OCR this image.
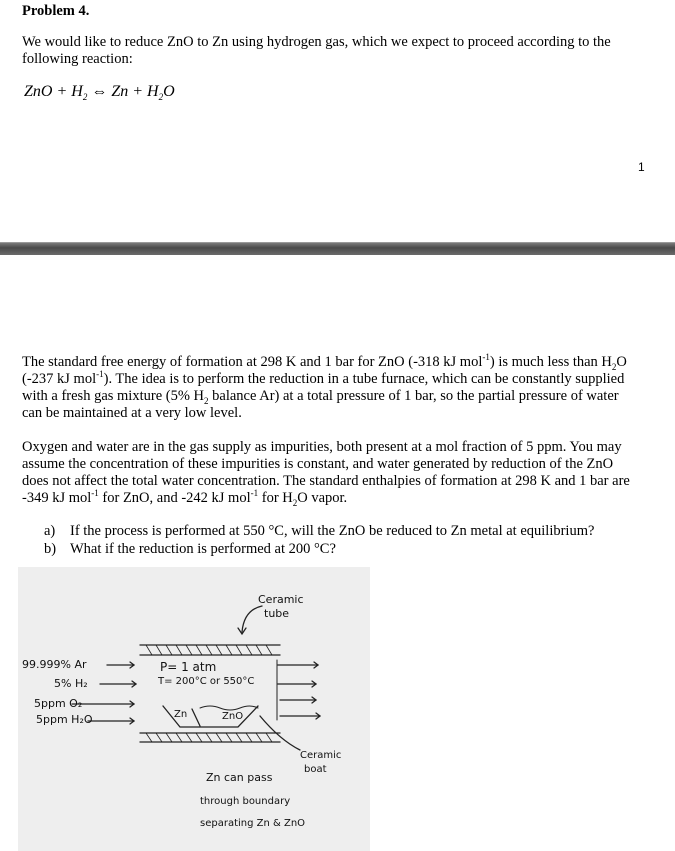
Problem 4.
We would like to reduce ZnO to Zn using hydrogen gas, which we expect to proceed according to the
following reaction:
ZnO + $H_2$ ⇔ $Zn + H_2O$
1
The standard free energy of formation at 298 K and 1 bar for ZnO (-318 kJ mol$^{-1}$) is much less than $H_2O$
(-237 kJ mol$^{-1}$). The idea is to perform the reduction in a tube furnace, which can be constantly supplied
with a fresh gas mixture (5% $H_2$ balance Ar) at a total pressure of 1 bar, so the partial pressure of water
can be maintained at a very low level.
Oxygen and water are in the gas supply as impurities, both present at a mol fraction of 5 ppm. You may
assume the concentration of these impurities is constant, and water generated by reduction of the ZnO
does not affect the total water concentration. The standard enthalpies of formation at 298 K and 1 bar are
-349 kJ mol$^{-1}$ for ZnO, and -242 kJ mol$^{-1}$ for $H_2O$ vapor.
a) If the process is performed at 550 °C, will the ZnO be reduced to Zn metal at equilibrium?
b) What if the reduction is performed at 200 °C?
Ceramic
tube
99.999% Ar
5% H₂
5ppm O₂
5ppm H₂O
P= 1 atm
T= 200°C or 550°C
Zn	ZnO
Ceramic
boat
Zn can pass
through boundary
separating Zn & ZnO
